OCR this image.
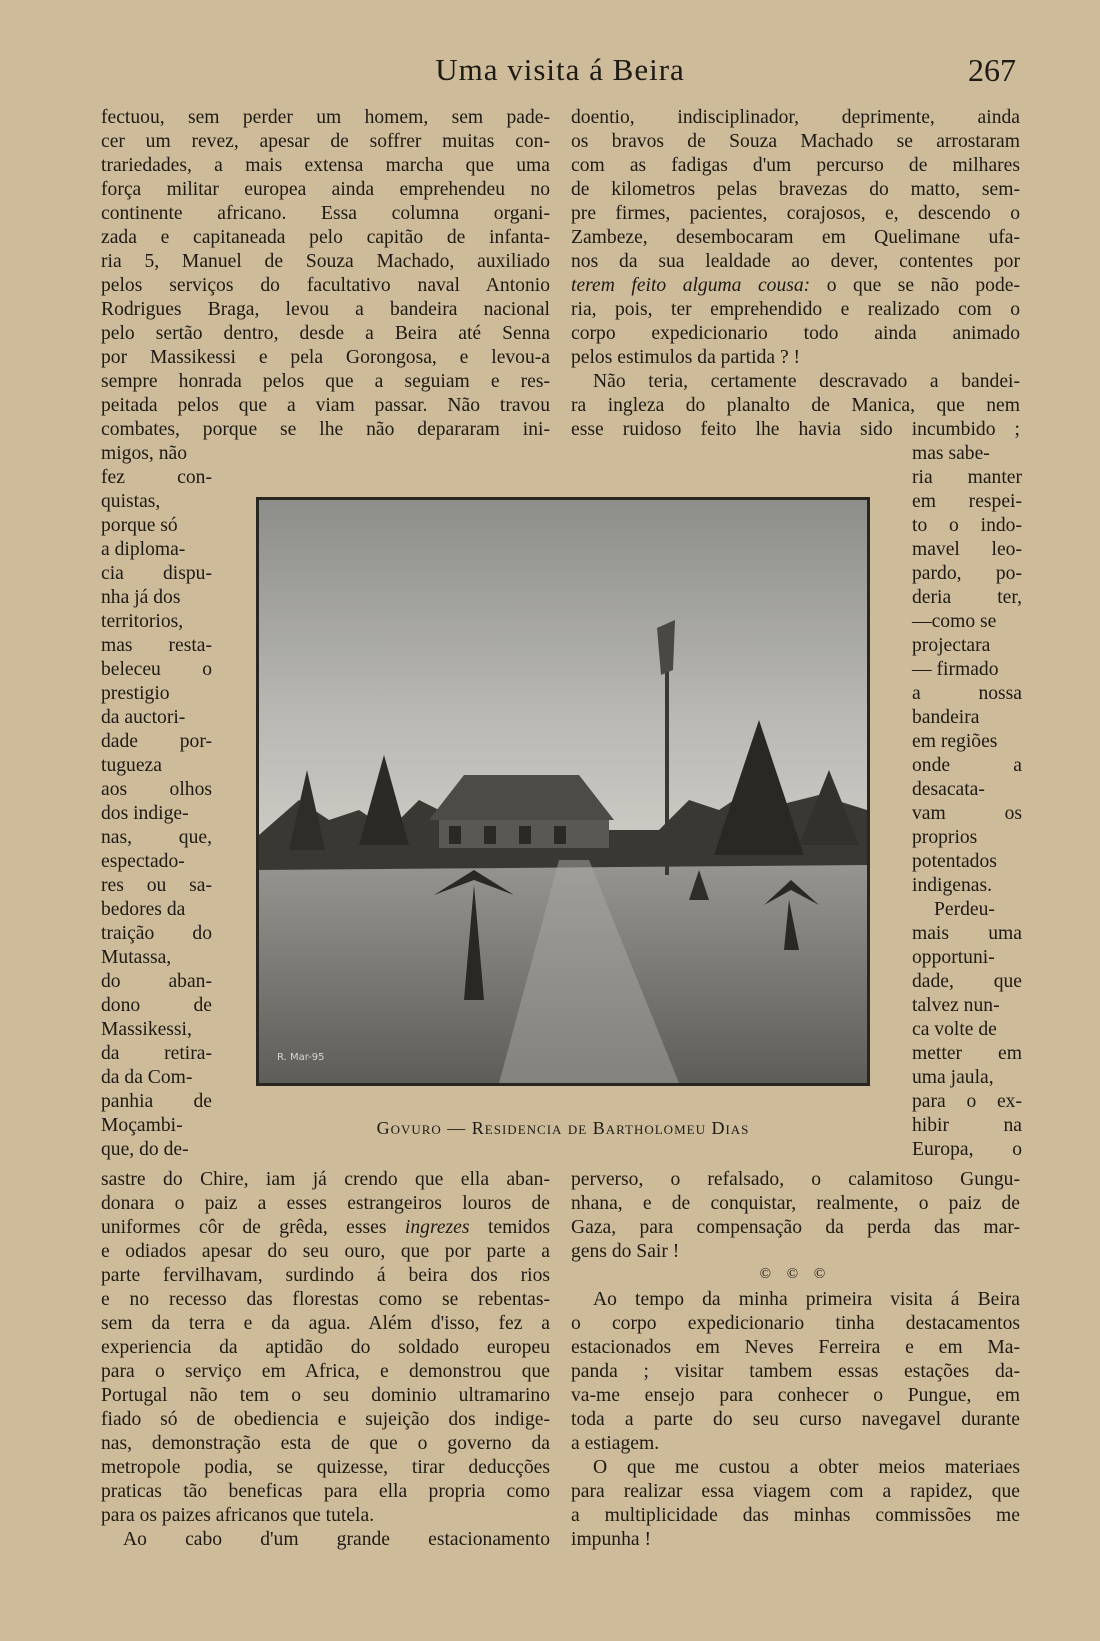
Uma visita á Beira	267
fectuou, sem perder um homem, sem pade-
cer um revez, apesar de soffrer muitas con-
trariedades, a mais extensa marcha que uma
força militar europea ainda emprehendeu no
continente africano. Essa columna organi-
zada e capitaneada pelo capitão de infanta-
ria 5, Manuel de Souza Machado, auxiliado
pelos serviços do facultativo naval Antonio
Rodrigues Braga, levou a bandeira nacional
pelo sertão dentro, desde a Beira até Senna
por Massikessi e pela Gorongosa, e levou-a
sempre honrada pelos que a seguiam e res-
peitada pelos que a viam passar. Não travou
combates, porque se lhe não depararam ini-
doentio, indisciplinador, deprimente, ainda
os bravos de Souza Machado se arrostaram
com as fadigas d'um percurso de milhares
de kilometros pelas bravezas do matto, sem-
pre firmes, pacientes, corajosos, e, descendo o
Zambeze, desembocaram em Quelimane ufa-
nos da sua lealdade ao dever, contentes por
terem feito alguma cousa: o que se não pode-
ria, pois, ter emprehendido e realizado com o
corpo expedicionario todo ainda animado
pelos estimulos da partida ? !
Não teria, certamente descravado a bandei-
ra ingleza do planalto de Manica, que nem
esse ruidoso feito lhe havia sido incumbido ;
migos, não
fez con-
quistas,
porque só
a diploma-
cia dispu-
nha já dos
territorios,
mas resta-
beleceu o
prestigio
da auctori-
dade por-
tugueza
aos olhos
dos indige-
nas, que,
espectado-
res ou sa-
bedores da
traição do
Mutassa,
do aban-
dono de
Massikessi,
da retira-
da da Com-
panhia de
Moçambi-
que, do de-
R. Mar-95
mas sabe-
ria manter
em respei-
to o indo-
mavel leo-
pardo, po-
deria ter,
—como se
projectara
— firmado
a nossa
bandeira
em regiões
onde a
desacata-
vam os
proprios
potentados
indigenas.
Perdeu-
mais uma
opportuni-
dade, que
talvez nun-
ca volte de
metter em
uma jaula,
para o ex-
hibir na
Europa, o
Govuro — Residencia de Bartholomeu Dias
sastre do Chire, iam já crendo que ella aban-
donara o paiz a esses estrangeiros louros de
uniformes côr de grêda, esses ingrezes temidos
e odiados apesar do seu ouro, que por parte a
parte fervilhavam, surdindo á beira dos rios
e no recesso das florestas como se rebentas-
sem da terra e da agua. Além d'isso, fez a
experiencia da aptidão do soldado europeu
para o serviço em Africa, e demonstrou que
Portugal não tem o seu dominio ultramarino
fiado só de obediencia e sujeição dos indige-
nas, demonstração esta de que o governo da
metropole podia, se quizesse, tirar deducções
praticas tão beneficas para ella propria como
para os paizes africanos que tutela.
Ao cabo d'um grande estacionamento
perverso, o refalsado, o calamitoso Gungu-
nhana, e de conquistar, realmente, o paiz de
Gaza, para compensação da perda das mar-
gens do Sair !
Ao tempo da minha primeira visita á Beira
o corpo expedicionario tinha destacamentos
estacionados em Neves Ferreira e em Ma-
panda ; visitar tambem essas estações da-
va-me ensejo para conhecer o Pungue, em
toda a parte do seu curso navegavel durante
a estiagem.
O que me custou a obter meios materiaes
para realizar essa viagem com a rapidez, que
a multiplicidade das minhas commissões me
impunha !
© © ©
